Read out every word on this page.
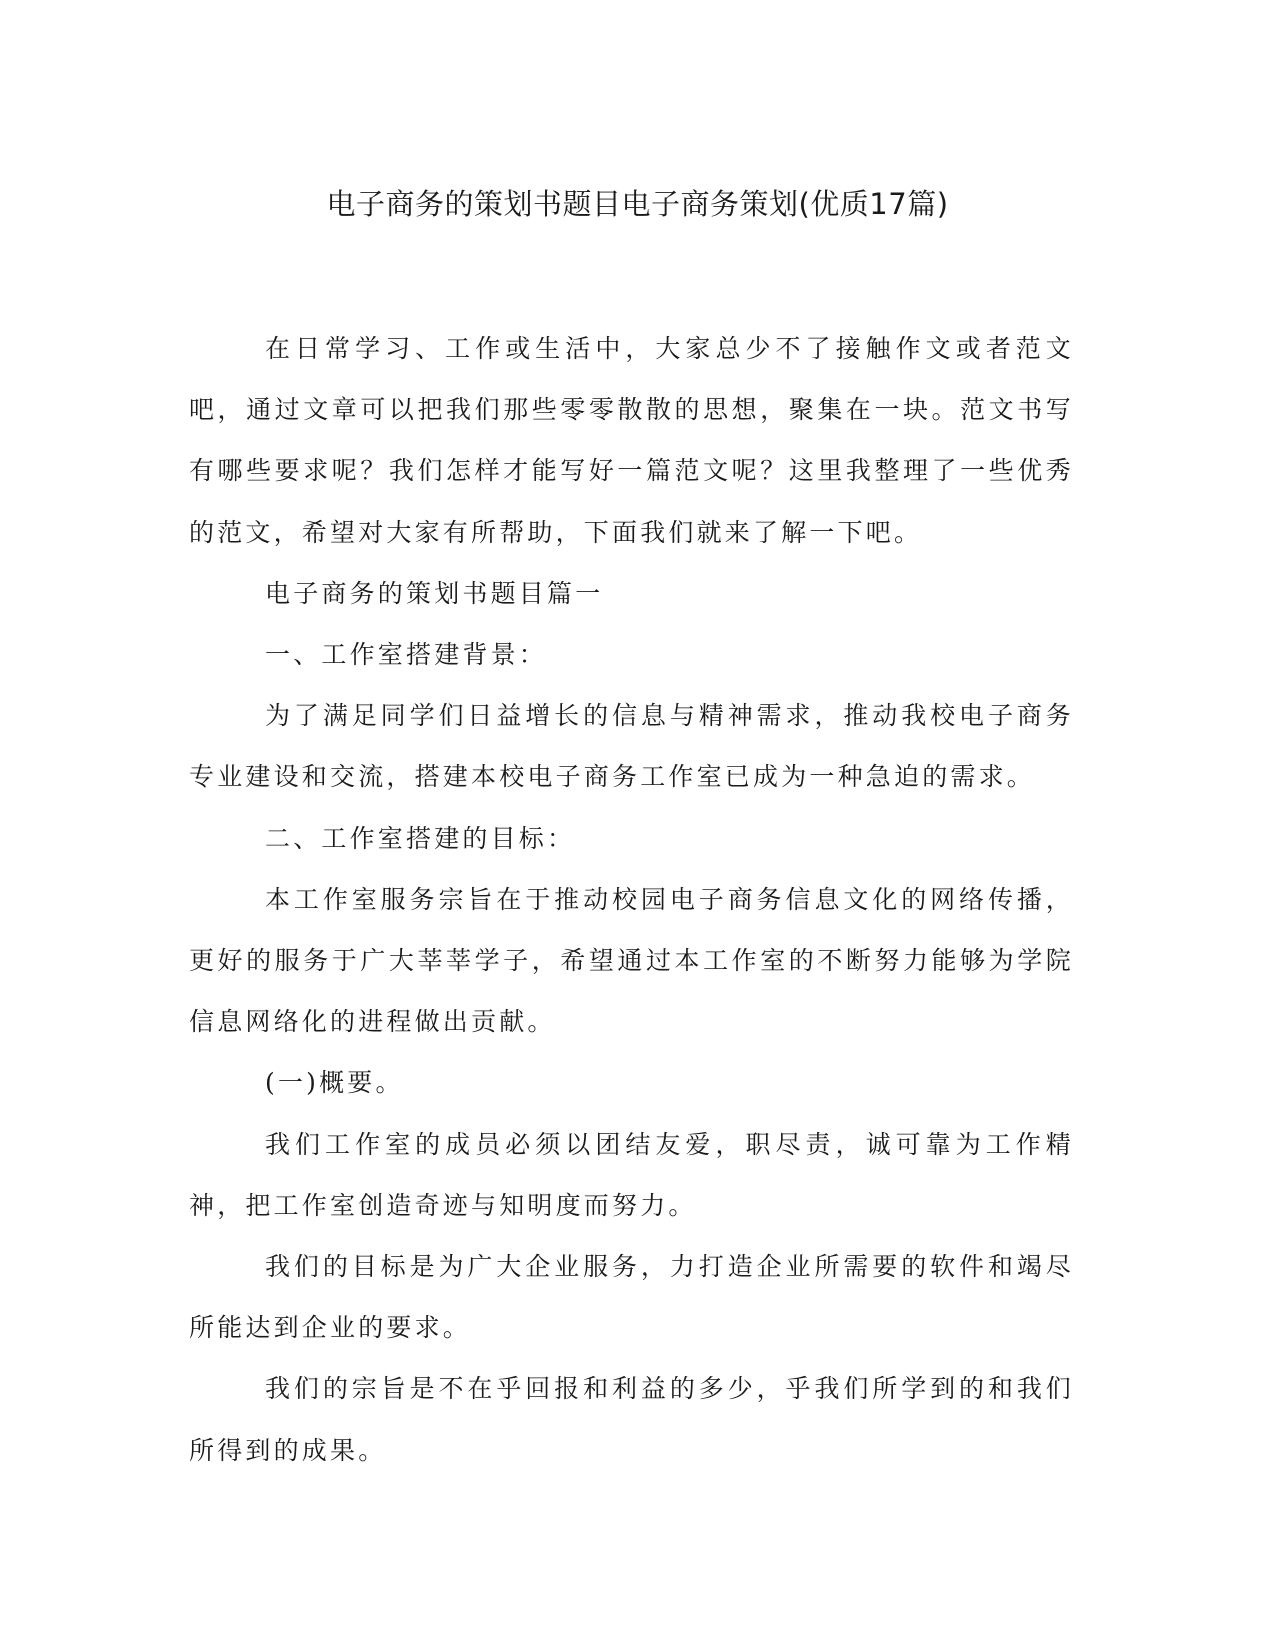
电子商务的策划书题目电子商务策划(优质17篇)

在日常学习、工作或生活中，大家总少不了接触作文或者范文吧，通过文章可以把我们那些零零散散的思想，聚集在一块。范文书写有哪些要求呢？我们怎样才能写好一篇范文呢？这里我整理了一些优秀的范文，希望对大家有所帮助，下面我们就来了解一下吧。

电子商务的策划书题目篇一

一、工作室搭建背景：

为了满足同学们日益增长的信息与精神需求，推动我校电子商务专业建设和交流，搭建本校电子商务工作室已成为一种急迫的需求。

二、工作室搭建的目标：

本工作室服务宗旨在于推动校园电子商务信息文化的网络传播，更好的服务于广大莘莘学子，希望通过本工作室的不断努力能够为学院信息网络化的进程做出贡献。

(一)概要。

我们工作室的成员必须以团结友爱，职尽责，诚可靠为工作精神，把工作室创造奇迹与知明度而努力。

我们的目标是为广大企业服务，力打造企业所需要的软件和竭尽所能达到企业的要求。

我们的宗旨是不在乎回报和利益的多少，乎我们所学到的和我们所得到的成果。
